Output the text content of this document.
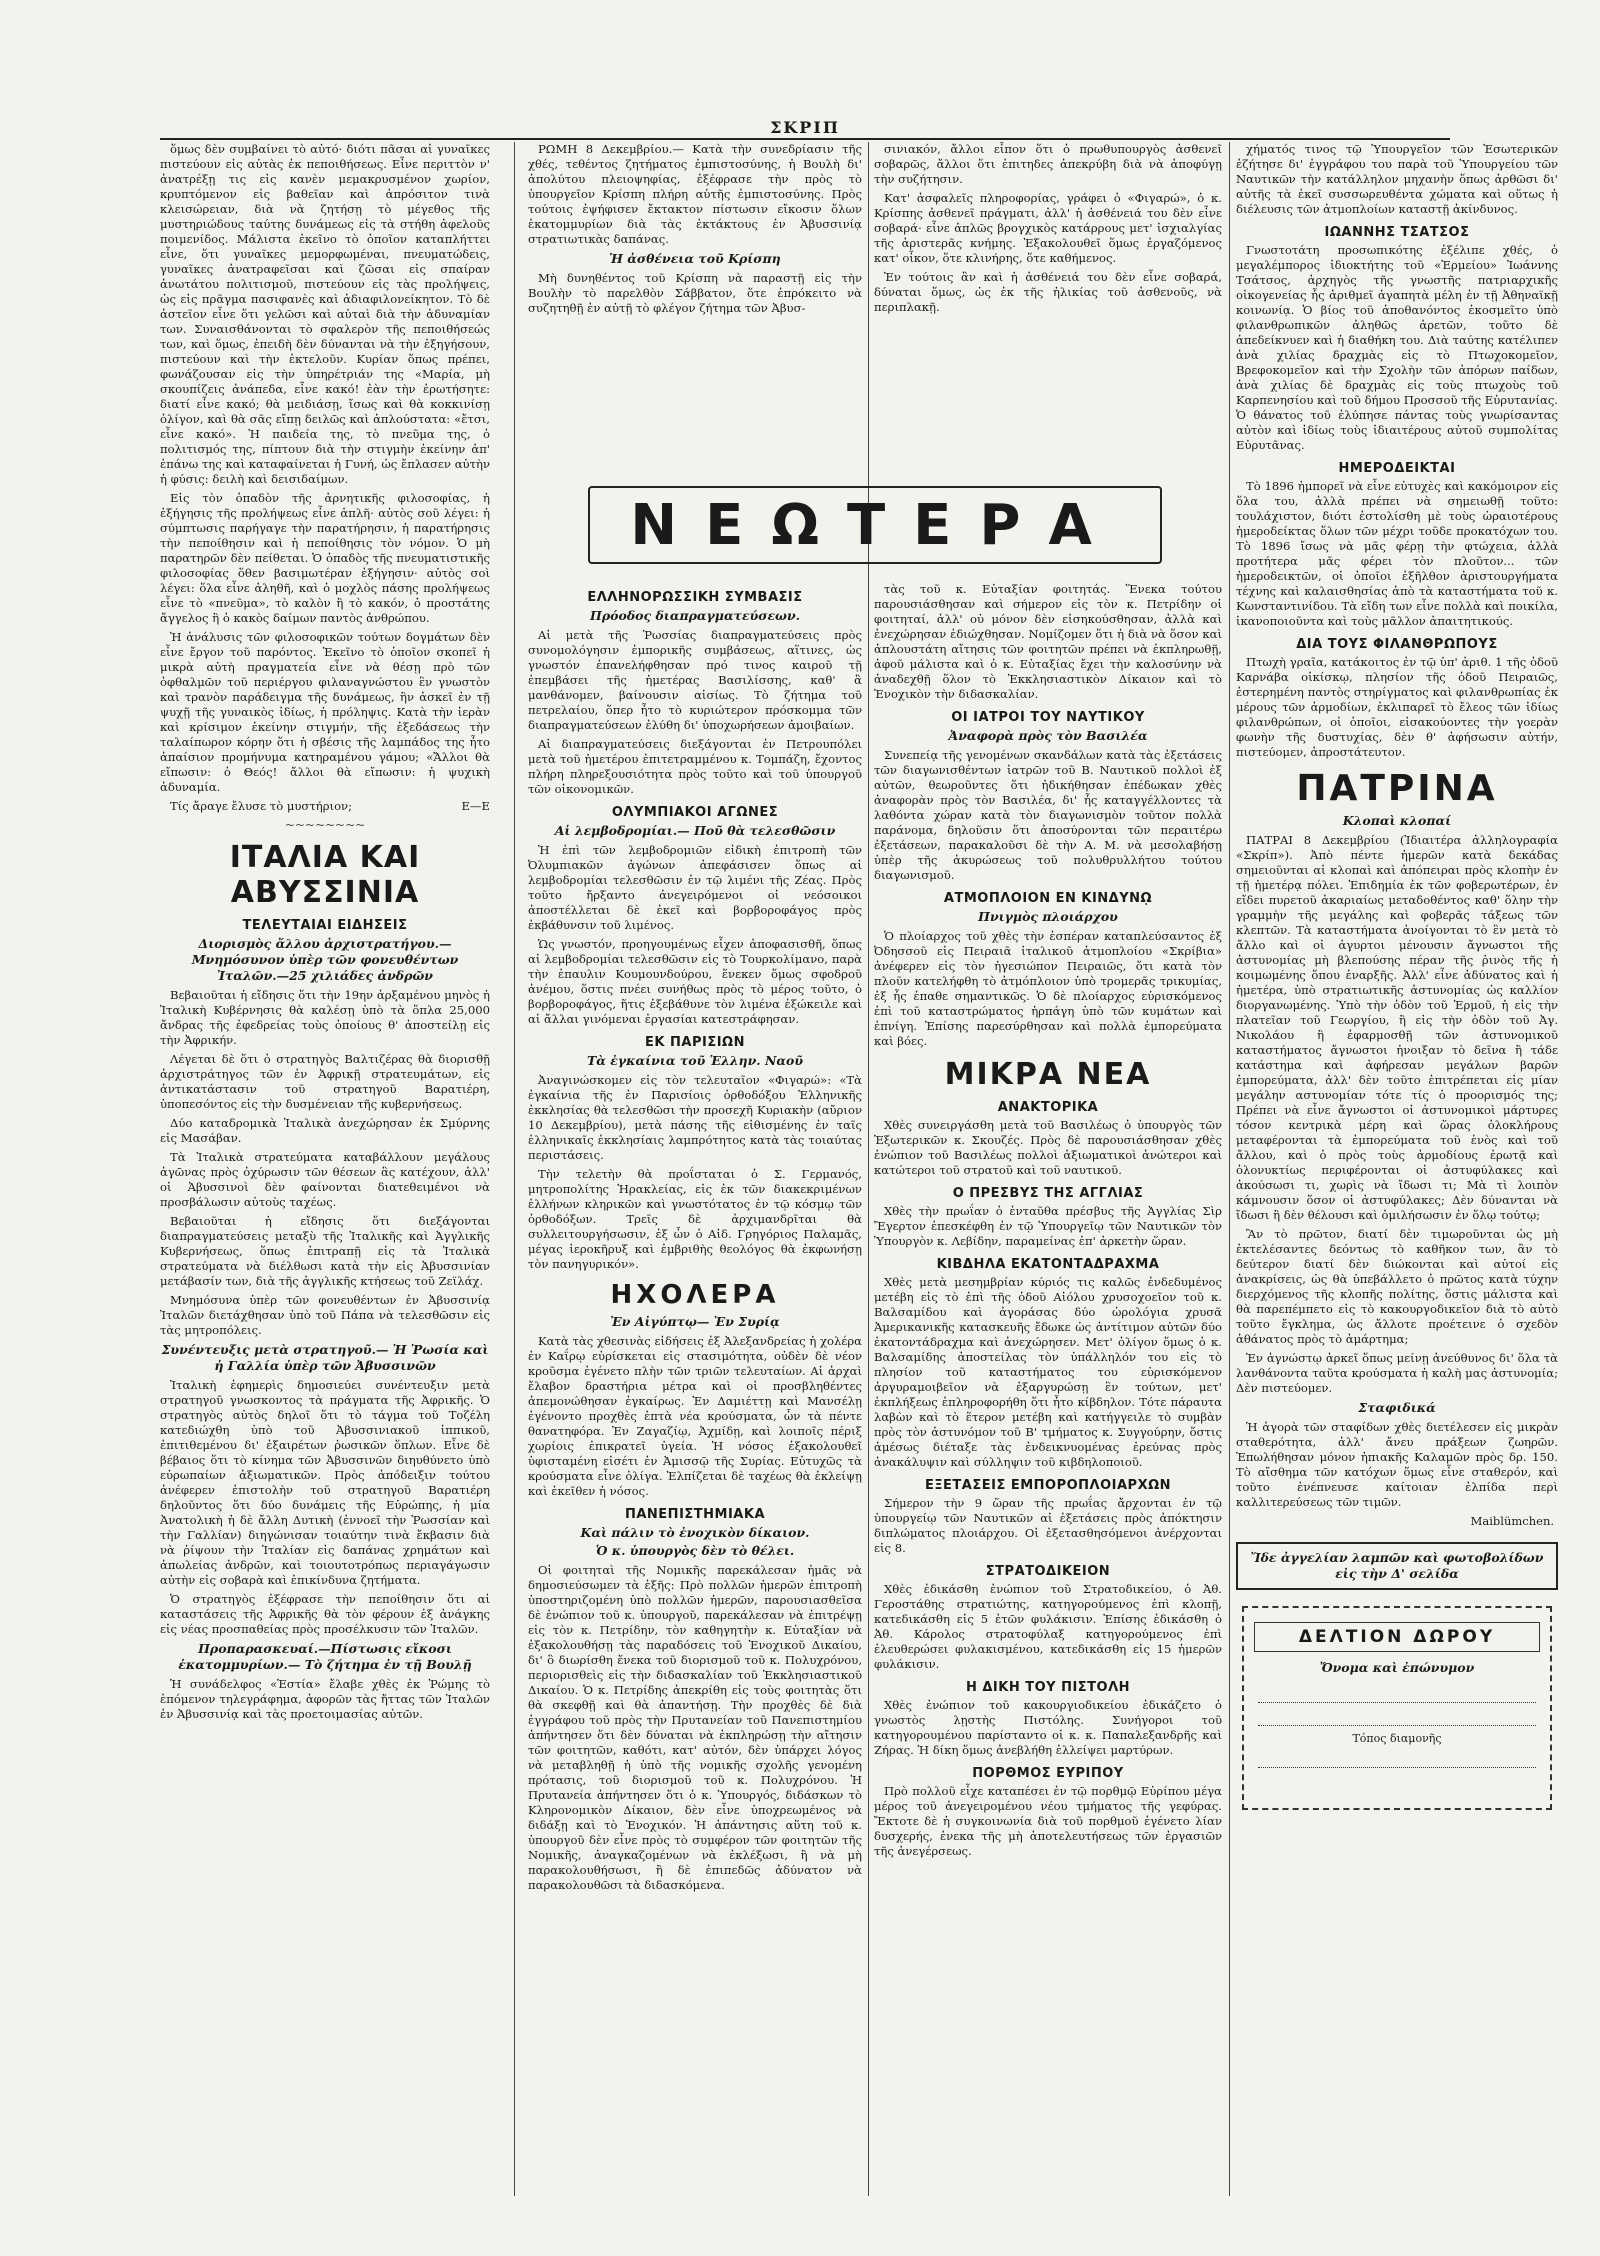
ΣΚΡΙΠ

ὅμως δὲν συμβαίνει τὸ αὐτό· διότι πᾶσαι αἱ γυναῖκες πιστεύουν εἰς αὐτὰς ἐκ πεποιθήσεως. Εἶνε περιττὸν ν' ἀνατρέξῃ τις εἰς κανὲν μεμακρυσμένον χωρίον, κρυπτόμενον εἰς βαθεῖαν καὶ ἀπρόσιτον τινὰ κλεισώρειαν, διὰ νὰ ζητήσῃ τὸ μέγεθος τῆς μυστηριώδους ταύτης δυνάμεως εἰς τὰ στήθη ἀφελοῦς ποιμενίδος. Μάλιστα ἐκεῖνο τὸ ὁποῖον καταπλήττει εἶνε, ὅτι γυναῖκες μεμορφωμέναι, πνευματώδεις, γυναῖκες ἀνατραφεῖσαι καὶ ζῶσαι εἰς σπαίραν ἀνωτάτου πολιτισμοῦ, πιστεύουν εἰς τὰς προλήψεις, ὡς εἰς πρᾶγμα πασιφανὲς καὶ ἀδιαφιλονείκητον. Τὸ δὲ ἀστεῖον εἶνε ὅτι γελῶσι καὶ αὐταὶ διὰ τὴν ἀδυναμίαν των. Συναισθάνονται τὸ σφαλερὸν τῆς πεποιθήσεώς των, καὶ ὅμως, ἐπειδὴ δὲν δύνανται νὰ τὴν ἐξηγήσουν, πιστεύουν καὶ τὴν ἐκτελοῦν. Κυρίαν ὅπως πρέπει, φωνάζουσαν εἰς τὴν ὑπηρέτριάν της «Μαρία, μὴ σκουπίζεις ἀνάπεδα, εἶνε κακό! ἐὰν τὴν ἐρωτήσητε: διατί εἶνε κακό; θὰ μειδιάσῃ, ἴσως καὶ θὰ κοκκινίσῃ ὀλίγον, καὶ θὰ σᾶς εἴπῃ δειλῶς καὶ ἁπλούστατα: «ἔτσι, εἶνε κακό». Ἡ παιδεία της, τὸ πνεῦμα της, ὁ πολιτισμός της, πίπτουν διὰ τὴν στιγμὴν ἐκείνην ἀπ' ἐπάνω της καὶ καταφαίνεται ἡ Γυνή, ὡς ἔπλασεν αὐτὴν ἡ φύσις: δειλὴ καὶ δεισιδαίμων.

Εἰς τὸν ὀπαδὸν τῆς ἀρνητικῆς φιλοσοφίας, ἡ ἐξήγησις τῆς προλήψεως εἶνε ἁπλῆ· αὐτὸς σοῦ λέγει: ἡ σύμπτωσις παρήγαγε τὴν παρατήρησιν, ἡ παρατήρησις τὴν πεποίθησιν καὶ ἡ πεποίθησις τὸν νόμον. Ὁ μὴ παρατηρῶν δὲν πείθεται. Ὁ ὀπαδὸς τῆς πνευματιστικῆς φιλοσοφίας ὅθεν βασιμωτέραν ἐξήγησιν· αὐτὸς σοὶ λέγει: ὅλα εἶνε ἀληθῆ, καὶ ὁ μοχλὸς πάσης προλήψεως εἶνε τὸ «πνεῦμα», τὸ καλὸν ἢ τὸ κακόν, ὁ προστάτης ἄγγελος ἢ ὁ κακὸς δαίμων παντὸς ἀνθρώπου.

Ἡ ἀνάλυσις τῶν φιλοσοφικῶν τούτων δογμάτων δὲν εἶνε ἔργον τοῦ παρόντος. Ἐκεῖνο τὸ ὁποῖον σκοπεῖ ἡ μικρὰ αὐτὴ πραγματεία εἶνε νὰ θέσῃ πρὸ τῶν ὀφθαλμῶν τοῦ περιέργου φιλαναγνώστου ἓν γνωστὸν καὶ τρανὸν παράδειγμα τῆς δυνάμεως, ἣν ἀσκεῖ ἐν τῇ ψυχῇ τῆς γυναικὸς ἰδίως, ἡ πρόληψις. Κατὰ τὴν ἱερὰν καὶ κρίσιμον ἐκείνην στιγμήν, τῆς ἐξεδάσεως τὴν ταλαίπωρον κόρην ὅτι ἡ σβέσις τῆς λαμπάδος της ἦτο ἀπαίσιον προμήνυμα κατηραμένου γάμου; «Ἄλλοι θὰ εἴπωσιν: ὁ Θεός! ἄλλοι θὰ εἴπωσιν: ἡ ψυχικὴ ἀδυναμία.

Τίς ἄραγε ἔλυσε τὸ μυστήριον;	Ε—Ε

~~~~~~~~
ΙΤΑΛΙΑ ΚΑΙ ΑΒΥΣΣΙΝΙΑ
ΤΕΛΕΥΤΑΙΑΙ ΕΙΔΗΣΕΙΣ
Διορισμὸς ἄλλου ἀρχιστρατήγου.— Μνημόσυνον ὑπὲρ τῶν φονευθέντων Ἰταλῶν.—25 χιλιάδες ἀνδρῶν

Βεβαιοῦται ἡ εἴδησις ὅτι τὴν 19ην ἀρξαμένου μηνὸς ἡ Ἰταλικὴ Κυβέρνησις θὰ καλέσῃ ὑπὸ τὰ ὅπλα 25,000 ἄνδρας τῆς ἐφεδρείας τοὺς ὁποίους θ' ἀποστείλῃ εἰς τὴν Ἀφρικήν.

Λέγεται δὲ ὅτι ὁ στρατηγὸς Βαλτιζέρας θὰ διορισθῇ ἀρχιστράτηγος τῶν ἐν Ἀφρικῇ στρατευμάτων, εἰς ἀντικατάστασιν τοῦ στρατηγοῦ Βαρατιέρη, ὑποπεσόντος εἰς τὴν δυσμένειαν τῆς κυβερνήσεως.

Δύο καταδρομικὰ Ἰταλικὰ ἀνεχώρησαν ἐκ Σμύρνης εἰς Μασάβαν.

Τὰ Ἰταλικὰ στρατεύματα καταβάλλουν μεγάλους ἀγῶνας πρὸς ὀχύρωσιν τῶν θέσεων ἃς κατέχουν, ἀλλ' οἱ Ἀβυσσινοὶ δὲν φαίνονται διατεθειμένοι νὰ προσβάλωσιν αὐτοὺς ταχέως.

Βεβαιοῦται ἡ εἴδησις ὅτι διεξάγονται διαπραγματεύσεις μεταξὺ τῆς Ἰταλικῆς καὶ Ἀγγλικῆς Κυβερνήσεως, ὅπως ἐπιτραπῇ εἰς τὰ Ἰταλικὰ στρατεύματα νὰ διέλθωσι κατὰ τὴν εἰς Ἀβυσσινίαν μετάβασίν των, διὰ τῆς ἀγγλικῆς κτήσεως τοῦ Ζεϊλάχ.

Μνημόσυνα ὑπὲρ τῶν φονευθέντων ἐν Ἀβυσσινίᾳ Ἰταλῶν διετάχθησαν ὑπὸ τοῦ Πάπα νὰ τελεσθῶσιν εἰς τὰς μητροπόλεις.

Συνέντευξις μετὰ στρατηγοῦ.— Ἡ Ῥωσία καὶ ἡ Γαλλία ὑπὲρ τῶν Ἀβυσσινῶν

Ἰταλικὴ ἐφημερὶς δημοσιεύει συνέντευξιν μετὰ στρατηγοῦ γνωσκοντος τὰ πράγματα τῆς Ἀφρικῆς. Ὁ στρατηγὸς αὐτὸς δηλοῖ ὅτι τὸ τάγμα τοῦ Τοζέλη κατεδιώχθη ὑπὸ τοῦ Ἀβυσσινιακοῦ ἱππικοῦ, ἐπιτιθεμένου δι' ἐξαιρέτων ῥωσικῶν ὅπλων. Εἶνε δὲ βέβαιος ὅτι τὸ κίνημα τῶν Ἀβυσσινῶν διηυθύνετο ὑπὸ εὐρωπαίων ἀξιωματικῶν. Πρὸς ἀπόδειξιν τούτου ἀνέφερεν ἐπιστολὴν τοῦ στρατηγοῦ Βαρατιέρη δηλοῦντος ὅτι δύο δυνάμεις τῆς Εὐρώπης, ἡ μία Ἀνατολικὴ ἡ δὲ ἄλλη Δυτικὴ (ἐννοεῖ τὴν Ῥωσσίαν καὶ τὴν Γαλλίαν) διηγώνισαν τοιαύτην τινὰ ἔκβασιν διὰ νὰ ῥίψουν τὴν Ἰταλίαν εἰς δαπάνας χρημάτων καὶ ἀπωλείας ἀνδρῶν, καὶ τοιουτοτρόπως περιαγάγωσιν αὐτὴν εἰς σοβαρὰ καὶ ἐπικίνδυνα ζητήματα.

Ὁ στρατηγὸς ἐξέφρασε τὴν πεποίθησιν ὅτι αἱ καταστάσεις τῆς Ἀφρικῆς θὰ τὸν φέρουν ἐξ ἀνάγκης εἰς νέας προσπαθείας πρὸς προσέλκυσιν τῶν Ἰταλῶν.

Προπαρασκευαί.—Πίστωσις εἴκοσι ἑκατομμυρίων.— Τὸ ζήτημα ἐν τῇ Βουλῇ

Ἡ συνάδελφος «Ἑστία» ἔλαβε χθὲς ἐκ Ῥώμης τὸ ἑπόμενον τηλεγράφημα, ἀφορῶν τὰς ἤττας τῶν Ἰταλῶν ἐν Ἀβυσσινίᾳ καὶ τὰς προετοιμασίας αὐτῶν.

ΡΩΜΗ 8 Δεκεμβρίου.— Κατὰ τὴν συνεδρίασιν τῆς χθές, τεθέντος ζητήματος ἐμπιστοσύνης, ἡ Βουλὴ δι' ἀπολύτου πλειοψηφίας, ἐξέφρασε τὴν πρὸς τὸ ὑπουργεῖον Κρίσπη πλήρη αὐτῆς ἐμπιστοσύνης. Πρὸς τούτοις ἐψήφισεν ἔκτακτον πίστωσιν εἴκοσιν ὅλων ἑκατομμυρίων διὰ τὰς ἐκτάκτους ἐν Ἀβυσσινίᾳ στρατιωτικὰς δαπάνας.

Ἡ ἀσθένεια τοῦ Κρίσπη

Μὴ δυνηθέντος τοῦ Κρίσπη νὰ παραστῇ εἰς τὴν Βουλὴν τὸ παρελθὸν Σάββατον, ὅτε ἐπρόκειτο νὰ συζητηθῇ ἐν αὐτῇ τὸ φλέγον ζήτημα τῶν Ἀβυσ-

σινιακόν, ἄλλοι εἶπον ὅτι ὁ πρωθυπουργὸς ἀσθενεῖ σοβαρῶς, ἄλλοι ὅτι ἐπιτηδες ἀπεκρύβη διὰ νὰ ἀποφύγῃ τὴν συζήτησιν.

Κατ' ἀσφαλεῖς πληροφορίας, γράφει ὁ «Φιγαρώ», ὁ κ. Κρίσπης ἀσθενεῖ πράγματι, ἀλλ' ἡ ἀσθένειά του δὲν εἶνε σοβαρά· εἶνε ἁπλῶς βρογχικὸς κατάρρους μετ' ἰσχιαλγίας τῆς ἀριστερᾶς κνήμης. Ἐξακολουθεῖ ὅμως ἐργαζόμενος κατ' οἶκον, ὅτε κλινήρης, ὅτε καθήμενος.

Ἐν τούτοις ἂν καὶ ἡ ἀσθένειά του δὲν εἶνε σοβαρά, δύναται ὅμως, ὡς ἐκ τῆς ἡλικίας τοῦ ἀσθενοῦς, νὰ περιπλακῇ.

ΝΕΩΤΕΡΑ
ΕΛΛΗΝΟΡΩΣΣΙΚΗ ΣΥΜΒΑΣΙΣ
Πρόοδος διαπραγματεύσεων.

Αἱ μετὰ τῆς Ῥωσσίας διαπραγματεύσεις πρὸς συνομολόγησιν ἐμπορικῆς συμβάσεως, αἵτινες, ὡς γνωστόν ἐπανελήφθησαν πρό τινος καιροῦ τῇ ἐπεμβάσει τῆς ἡμετέρας Βασιλίσσης, καθ' ἃ μανθάνομεν, βαίνουσιν αἰσίως. Τὸ ζήτημα τοῦ πετρελαίου, ὅπερ ἦτο τὸ κυριώτερον πρόσκομμα τῶν διαπραγματεύσεων ἐλύθη δι' ὑποχωρήσεων ἀμοιβαίων.

Αἱ διαπραγματεύσεις διεξάγονται ἐν Πετρουπόλει μετὰ τοῦ ἡμετέρου ἐπιτετραμμένου κ. Τομπάζη, ἔχοντος πλήρη πληρεξουσιότητα πρὸς τοῦτο καὶ τοῦ ὑπουργοῦ τῶν οἰκονομικῶν.

ΟΛΥΜΠΙΑΚΟΙ ΑΓΩΝΕΣ
Αἱ λεμβοδρομίαι.— Ποῦ θὰ τελεσθῶσιν

Ἡ ἐπὶ τῶν λεμβοδρομιῶν εἰδικὴ ἐπιτροπὴ τῶν Ὀλυμπιακῶν ἀγώνων ἀπεφάσισεν ὅπως αἱ λεμβοδρομίαι τελεσθῶσιν ἐν τῷ λιμένι τῆς Ζέας. Πρὸς τοῦτο ἤρξαντο ἀνεγειρόμενοι οἱ νεόσοικοι ἀποστέλλεται δὲ ἐκεῖ καὶ βορβοροφάγος πρὸς ἐκβάθυνσιν τοῦ λιμένος.

Ὡς γνωστόν, προηγουμένως εἶχεν ἀποφασισθῆ, ὅπως αἱ λεμβοδρομίαι τελεσθῶσιν εἰς τὸ Τουρκολίμανο, παρὰ τὴν ἐπαυλιν Κουμουνδούρου, ἕνεκεν ὅμως σφοδροῦ ἀνέμου, ὅστις πνέει συνήθως πρὸς τὸ μέρος τοῦτο, ὁ βορβοροφάγος, ἥτις ἐξεβάθυνε τὸν λιμένα ἐξώκειλε καὶ αἱ ἄλλαι γινόμεναι ἐργασίαι κατεστράφησαν.

ΕΚ ΠΑΡΙΣΙΩΝ
Τὰ ἐγκαίνια τοῦ Ἑλλην. Ναοῦ

Ἀναγινώσκομεν εἰς τὸν τελευταῖον «Φιγαρώ»: «Τὰ ἐγκαίνια τῆς ἐν Παρισίοις ὀρθοδόξου Ἑλληνικῆς ἐκκλησίας θὰ τελεσθῶσι τὴν προσεχῆ Κυριακὴν (αὔριον 10 Δεκεμβρίου), μετὰ πάσης τῆς εἰθισμένης ἐν ταῖς ἑλληνικαῖς ἐκκλησίαις λαμπρότητος κατὰ τὰς τοιαύτας περιστάσεις.

Τὴν τελετὴν θὰ προΐσταται ὁ Σ. Γερμανός, μητροπολίτης Ἡρακλείας, εἰς ἐκ τῶν διακεκριμένων ἑλλήνων κληρικῶν καὶ γνωστότατος ἐν τῷ κόσμῳ τῶν ὀρθοδόξων. Τρεῖς δὲ ἀρχιμανδρῖται θὰ συλλειτουργήσωσιν, ἐξ ὧν ὁ Αἰδ. Γρηγόριος Παλαμᾶς, μέγας ἱεροκῆρυξ καὶ ἐμβριθὴς θεολόγος θὰ ἐκφωνήσῃ τὸν πανηγυρικόν».

ΗΧΟΛΕΡΑ
Ἐν Αἰγύπτῳ— Ἐν Συρίᾳ

Κατὰ τὰς χθεσινὰς εἰδήσεις ἐξ Ἀλεξανδρείας ἡ χολέρα ἐν Καΐρῳ εὑρίσκεται εἰς στασιμότητα, οὐδὲν δὲ νέον κροῦσμα ἐγένετο πλὴν τῶν τριῶν τελευταίων. Αἱ ἀρχαὶ ἔλαβον δραστήρια μέτρα καὶ οἱ προσβληθέντες ἀπεμονώθησαν ἐγκαίρως. Ἐν Δαμιέττῃ καὶ Μανσέλῃ ἐγένοντο προχθὲς ἑπτὰ νέα κρούσματα, ὧν τὰ πέντε θανατηφόρα. Ἐν Ζαγαζίῳ, Ἀχμίδῃ, καὶ λοιποῖς πέριξ χωρίοις ἐπικρατεῖ ὑγεία. Ἡ νόσος ἐξακολουθεῖ ὑφισταμένη εἰσέτι ἐν Ἀμισσῷ τῆς Συρίας. Εὐτυχῶς τὰ κρούσματα εἶνε ὀλίγα. Ἐλπίζεται δὲ ταχέως θὰ ἐκλείψῃ καὶ ἐκεῖθεν ἡ νόσος.

ΠΑΝΕΠΙΣΤΗΜΙΑΚΑ
Καὶ πάλιν τὸ ἐνοχικὸν δίκαιον.
Ὁ κ. ὑπουργὸς δὲν τὸ θέλει.

Οἱ φοιτηταὶ τῆς Νομικῆς παρεκάλεσαν ἡμᾶς νὰ δημοσιεύσωμεν τὰ ἑξῆς: Πρὸ πολλῶν ἡμερῶν ἐπιτροπὴ ὑποστηριζομένη ὑπὸ πολλῶν ἡμερῶν, παρουσιασθεῖσα δὲ ἐνώπιον τοῦ κ. ὑπουργοῦ, παρεκάλεσαν νὰ ἐπιτρέψῃ εἰς τὸν κ. Πετρίδην, τὸν καθηγητὴν κ. Εὐταξίαν νὰ ἐξακολουθήσῃ τὰς παραδόσεις τοῦ Ἐνοχικοῦ Δικαίου, δι' ὃ διωρίσθη ἕνεκα τοῦ διορισμοῦ τοῦ κ. Πολυχρόνου, περιορισθεὶς εἰς τὴν διδασκαλίαν τοῦ Ἐκκλησιαστικοῦ Δικαίου. Ὁ κ. Πετρίδης ἀπεκρίθη εἰς τοὺς φοιτητὰς ὅτι θὰ σκεφθῇ καὶ θὰ ἀπαντήσῃ. Τὴν προχθὲς δὲ διὰ ἐγγράφου τοῦ πρὸς τὴν Πρυτανείαν τοῦ Πανεπιστημίου ἀπήντησεν ὅτι δὲν δύναται νὰ ἐκπληρώσῃ τὴν αἴτησιν τῶν φοιτητῶν, καθότι, κατ' αὐτόν, δὲν ὑπάρχει λόγος νὰ μεταβληθῇ ἡ ὑπὸ τῆς νομικῆς σχολῆς γενομένη πρότασις, τοῦ διορισμοῦ τοῦ κ. Πολυχρόνου. Ἡ Πρυτανεία ἀπήντησεν ὅτι ὁ κ. Ὑπουργός, διδάσκων τὸ Κληρονομικὸν Δίκαιον, δὲν εἶνε ὑποχρεωμένος νὰ διδάξῃ καὶ τὸ Ἐνοχικόν. Ἡ ἀπάντησις αὕτη τοῦ κ. ὑπουργοῦ δὲν εἶνε πρὸς τὸ συμφέρον τῶν φοιτητῶν τῆς Νομικῆς, ἀναγκαζομένων νὰ ἐκλέξωσι, ἢ νὰ μὴ παρακολουθήσωσι, ἢ δὲ ἐπιπεδῶς ἀδύνατον νὰ παρακολουθῶσι τὰ διδασκόμενα.

τὰς τοῦ κ. Εὐταξίαν φοιτητάς. Ἕνεκα τούτου παρουσιάσθησαν καὶ σήμερον εἰς τὸν κ. Πετρίδην οἱ φοιτηταί, ἀλλ' οὐ μόνον δὲν εἰσηκούσθησαν, ἀλλὰ καὶ ἐνεχώρησαν ἐδιώχθησαν. Νομίζομεν ὅτι ἡ διὰ νὰ ὅσον καὶ ἁπλουστάτη αἴτησις τῶν φοιτητῶν πρέπει νὰ ἐκπληρωθῇ, ἀφοῦ μάλιστα καὶ ὁ κ. Εὐταξίας ἔχει τὴν καλοσύνην νὰ ἀναδεχθῇ ὅλον τὸ Ἐκκλησιαστικὸν Δίκαιον καὶ τὸ Ἐνοχικὸν τὴν διδασκαλίαν.

ΟΙ ΙΑΤΡΟΙ ΤΟΥ ΝΑΥΤΙΚΟΥ
Ἀναφορὰ πρὸς τὸν Βασιλέα

Συνεπείᾳ τῆς γενομένων σκανδάλων κατὰ τὰς ἐξετάσεις τῶν διαγωνισθέντων ἰατρῶν τοῦ Β. Ναυτικοῦ πολλοὶ ἐξ αὐτῶν, θεωροῦντες ὅτι ἠδικήθησαν ἐπέδωκαν χθὲς ἀναφορὰν πρὸς τὸν Βασιλέα, δι' ἧς καταγγέλλοντες τὰ λαθόντα χώραν κατὰ τὸν διαγωνισμὸν τοῦτον πολλὰ παράνομα, δηλοῦσιν ὅτι ἀποσύρονται τῶν περαιτέρω ἐξετάσεων, παρακαλοῦσι δὲ τὴν Α. Μ. νὰ μεσολαβήσῃ ὑπὲρ τῆς ἀκυρώσεως τοῦ πολυθρυλλήτου τούτου διαγωνισμοῦ.

ΑΤΜΟΠΛΟΙΟΝ ΕΝ ΚΙΝΔΥΝῼ
Πνιγμὸς πλοιάρχου

Ὁ πλοίαρχος τοῦ χθὲς τὴν ἑσπέραν καταπλεύσαντος ἐξ Ὀδησσοῦ εἰς Πειραιᾶ ἰταλικοῦ ἀτμοπλοίου «Σκρίβια» ἀνέφερεν εἰς τὸν ἡγεσιώπον Πειραιῶς, ὅτι κατὰ τὸν πλοῦν κατελήφθη τὸ ἀτμόπλοιον ὑπὸ τρομερᾶς τρικυμίας, ἐξ ἧς ἐπαθε σημαντικῶς. Ὁ δὲ πλοίαρχος εὑρισκόμενος ἐπὶ τοῦ καταστρώματος ἡρπάγη ὑπὸ τῶν κυμάτων καὶ ἐπνίγη. Ἐπίσης παρεσύρθησαν καὶ πολλὰ ἐμπορεύματα καὶ βόες.

ΜΙΚΡΑ ΝΕΑ
ΑΝΑΚΤΟΡΙΚΑ

Χθὲς συνειργάσθη μετὰ τοῦ Βασιλέως ὁ ὑπουργὸς τῶν Ἐξωτερικῶν κ. Σκουζές. Πρὸς δὲ παρουσιάσθησαν χθὲς ἐνώπιον τοῦ Βασιλέως πολλοὶ ἀξιωματικοὶ ἀνώτεροι καὶ κατώτεροι τοῦ στρατοῦ καὶ τοῦ ναυτικοῦ.

Ο ΠΡΕΣΒΥΣ ΤΗΣ ΑΓΓΛΙΑΣ

Χθὲς τὴν πρωΐαν ὁ ἐνταῦθα πρέσβυς τῆς Ἀγγλίας Σὶρ Ἔγερτον ἐπεσκέφθη ἐν τῷ Ὑπουργεῖῳ τῶν Ναυτικῶν τὸν Ὑπουργὸν κ. Λεβίδην, παραμείνας ἐπ' ἀρκετὴν ὥραν.

ΚΙΒΔΗΛΑ ΕΚΑΤΟΝΤΑΔΡΑΧΜΑ

Χθὲς μετὰ μεσημβρίαν κύριός τις καλῶς ἐνδεδυμένος μετέβη εἰς τὸ ἐπὶ τῆς ὁδοῦ Αἰόλου χρυσοχοεῖον τοῦ κ. Βαλσαμίδου καὶ ἀγοράσας δύο ὡρολόγια χρυσᾶ Ἀμερικανικῆς κατασκευῆς ἔδωκε ὡς ἀντίτιμον αὐτῶν δύο ἑκατοντάδραχμα καὶ ἀνεχώρησεν. Μετ' ὀλίγον ὅμως ὁ κ. Βαλσαμίδης ἀποστείλας τὸν ὑπάλληλόν του εἰς τὸ πλησίον τοῦ καταστήματος του εὑρισκόμενον ἀργυραμοιβεῖον νὰ ἐξαργυρώσῃ ἓν τούτων, μετ' ἐκπλήξεως ἐπληροφορήθη ὅτι ἦτο κίβδηλον. Τότε πάραυτα λαβὼν καὶ τὸ ἕτερον μετέβη καὶ κατήγγειλε τὸ συμβὰν πρὸς τὸν ἀστυνόμον τοῦ Β' τμήματος κ. Συγγούρην, ὅστις ἀμέσως διέταξε τὰς ἐνδεικνυομένας ἐρεύνας πρὸς ἀνακάλυψιν καὶ σύλληψιν τοῦ κιβδηλοποιοῦ.

ΕΞΕΤΑΣΕΙΣ ΕΜΠΟΡΟΠΛΟΙΑΡΧΩΝ

Σήμερον τὴν 9 ὥραν τῆς πρωΐας ἄρχονται ἐν τῷ ὑπουργείῳ τῶν Ναυτικῶν αἱ ἐξετάσεις πρὸς ἀπόκτησιν διπλώματος πλοιάρχου. Οἱ ἐξετασθησόμενοι ἀνέρχονται εἰς 8.

ΣΤΡΑΤΟΔΙΚΕΙΟΝ

Χθὲς ἐδικάσθη ἐνώπιον τοῦ Στρατοδικείου, ὁ Ἀθ. Γεροστάθης στρατιώτης, κατηγορούμενος ἐπὶ κλοπῇ, κατεδικάσθη εἰς 5 ἐτῶν φυλάκισιν. Ἐπίσης ἐδικάσθη ὁ Ἀθ. Κάρολος στρατοφύλαξ κατηγορούμενος ἐπὶ ἐλευθερώσει φυλακισμένου, κατεδικάσθη εἰς 15 ἡμερῶν φυλάκισιν.

Η ΔΙΚΗ ΤΟΥ ΠΙΣΤΟΛΗ

Χθὲς ἐνώπιον τοῦ κακουργιοδικείου ἐδικάζετο ὁ γνωστὸς λῃστὴς Πιστόλης. Συνήγοροι τοῦ κατηγορουμένου παρίσταντο οἱ κ. κ. Παπαλεξανδρῆς καὶ Ζήρας. Ἡ δίκη ὅμως ἀνεβλήθη ἐλλείψει μαρτύρων.

ΠΟΡΘΜΟΣ ΕΥΡΙΠΟΥ

Πρὸ πολλοῦ εἶχε καταπέσει ἐν τῷ πορθμῷ Εὐρίπου μέγα μέρος τοῦ ἀνεγειρομένου νέου τμήματος τῆς γεφύρας. Ἔκτοτε δὲ ἡ συγκοινωνία διὰ τοῦ πορθμοῦ ἐγένετο λίαν δυσχερής, ἐνεκα τῆς μὴ ἀποτελευτήσεως τῶν ἐργασιῶν τῆς ἀνεγέρσεως.

χήματός τινος τῷ Ὑπουργεῖον τῶν Ἐσωτερικῶν ἐζήτησε δι' ἐγγράφου του παρὰ τοῦ Ὑπουργείου τῶν Ναυτικῶν τὴν κατάλληλον μηχανὴν ὅπως ἀρθῶσι δι' αὐτῆς τὰ ἐκεῖ συσσωρευθέντα χώματα καὶ οὕτως ἡ διέλευσις τῶν ἀτμοπλοίων καταστῇ ἀκίνδυνος.

ΙΩΑΝΝΗΣ ΤΣΑΤΣΟΣ

Γνωστοτάτη προσωπικότης ἐξέλιπε χθές, ὁ μεγαλέμπορος ἰδιοκτήτης τοῦ «Ἑρμείου» Ἰωάννης Τσάτσος, ἀρχηγὸς τῆς γνωστῆς πατριαρχικῆς οἰκογενείας ἧς ἀριθμεῖ ἀγαπητὰ μέλη ἐν τῇ Ἀθηναϊκῇ κοινωνίᾳ. Ὁ βίος τοῦ ἀποθανόντος ἐκοσμεῖτο ὑπὸ φιλανθρωπικῶν ἀληθῶς ἀρετῶν, τοῦτο δὲ ἀπεδείκνυεν καὶ ἡ διαθήκη του. Διὰ ταύτης κατέλιπεν ἀνὰ χιλίας δραχμὰς εἰς τὸ Πτωχοκομεῖον, Βρεφοκομεῖον καὶ τὴν Σχολὴν τῶν ἀπόρων παίδων, ἀνὰ χιλίας δὲ δραχμὰς εἰς τοὺς πτωχοὺς τοῦ Καρπενησίου καὶ τοῦ δήμου Προσσοῦ τῆς Εὐρυτανίας. Ὁ θάνατος τοῦ ἐλύπησε πάντας τοὺς γνωρίσαντας αὐτὸν καὶ ἰδίως τοὺς ἰδιαιτέρους αὐτοῦ συμπολίτας Εὐρυτᾶνας.

ΗΜΕΡΟΔΕΙΚΤΑΙ

Τὸ 1896 ἡμπορεῖ νὰ εἶνε εὐτυχὲς καὶ κακόμοιρον εἰς ὅλα του, ἀλλὰ πρέπει νὰ σημειωθῇ τοῦτο: τουλάχιστον, διότι ἐστολίσθη μὲ τοὺς ὡραιοτέρους ἡμεροδείκτας ὅλων τῶν μέχρι τοῦδε προκατόχων του. Τὸ 1896 ἴσως νὰ μᾶς φέρῃ τὴν φτώχεια, ἀλλὰ προτήτερα μᾶς φέρει τὸν πλοῦτον... τῶν ἡμεροδεικτῶν, οἱ ὁποῖοι ἐξῆλθον ἀριστουργήματα τέχνης καὶ καλαισθησίας ἀπὸ τὰ καταστήματα τοῦ κ. Κωνσταντινίδου. Τὰ εἴδη των εἶνε πολλὰ καὶ ποικίλα, ἱκανοποιοῦντα καὶ τοὺς μᾶλλον ἀπαιτητικούς.

ΔΙΑ ΤΟΥΣ ΦΙΛΑΝΘΡΩΠΟΥΣ

Πτωχὴ γραῖα, κατάκοιτος ἐν τῷ ὑπ' ἀριθ. 1 τῆς ὁδοῦ Καρνάβα οἰκίσκῳ, πλησίον τῆς ὁδοῦ Πειραιῶς, ἐστερημένη παντὸς στηρίγματος καὶ φιλανθρωπίας ἐκ μέρους τῶν ἀρμοδίων, ἐκλιπαρεῖ τὸ ἔλεος τῶν ἰδίως φιλανθρώπων, οἱ ὁποῖοι, εἰσακούοντες τὴν γοερὰν φωνὴν τῆς δυστυχίας, δὲν θ' ἀφήσωσιν αὐτήν, πιστεύομεν, ἀπροστάτευτον.

ΠΑΤΡΙΝΑ
Κλοπαὶ κλοπαί

ΠΑΤΡΑΙ 8 Δεκεμβρίου (Ἰδιαιτέρα ἀλληλογραφία «Σκρίπ»). Ἀπὸ πέντε ἡμερῶν κατὰ δεκάδας σημειοῦνται αἱ κλοπαὶ καὶ ἀπόπειραι πρὸς κλοπὴν ἐν τῇ ἡμετέρᾳ πόλει. Ἐπιδημία ἐκ τῶν φοβερωτέρων, ἐν εἴδει πυρετοῦ ἀκαριαίως μεταδοθέντος καθ' ὅλην τὴν γραμμὴν τῆς μεγάλης καὶ φοβερᾶς τάξεως τῶν κλεπτῶν. Τὰ καταστήματα ἀνοίγονται τὸ ἓν μετὰ τὸ ἄλλο καὶ οἱ ἀγυρτοι μένουσιν ἄγνωστοι τῆς ἀστυνομίας μὴ βλεπούσης πέραν τῆς ῥινὸς τῆς ἡ κοιμωμένης ὅπου ἐναρξῆς. Ἀλλ' εἶνε ἀδύνατος καὶ ἡ ἡμετέρα, ὑπὸ στρατιωτικῆς ἀστυνομίας ὡς καλλίον διοργανωμένης. Ὑπὸ τὴν ὁδὸν τοῦ Ἑρμοῦ, ἡ εἰς τὴν πλατεῖαν τοῦ Γεωργίου, ἢ εἰς τὴν ὁδὸν τοῦ Ἀγ. Νικολάου ἢ ἐφαρμοσθῇ τῶν ἀστυνομικοῦ καταστήματος ἄγνωστοι ἠνοιξαν τὸ δεῖνα ἢ τάδε κατάστημα καὶ ἀφήρεσαν μεγάλων βαρῶν ἐμπορεύματα, ἀλλ' δὲν τοῦτο ἐπιτρέπεται εἰς μίαν μεγάλην αστυνομίαν τότε τίς ὁ προορισμός της; Πρέπει νὰ εἶνε ἄγνωστοι οἱ ἀστυνομικοὶ μάρτυρες τόσον κεντρικὰ μέρη καὶ ὥρας ὁλοκλήρους μεταφέρονται τὰ ἐμπορεύματα τοῦ ἑνὸς καὶ τοῦ ἄλλου, καὶ ὁ πρὸς τοὺς ἀρμοδίους ἐρωτᾷ καὶ ὁλονυκτίως περιφέρονται οἱ ἀστυφύλακες καὶ ἀκούσωσι τι, χωρὶς νὰ ἴδωσι τι; Μὰ τὶ λοιπὸν κάμνουσιν ὅσον οἱ ἀστυφύλακες; Δὲν δύνανται νὰ ἴδωσι ἢ δὲν θέλουσι καὶ ὁμιλήσωσιν ἐν ὅλῳ τούτῳ;

Ἂν τὸ πρῶτον, διατί δὲν τιμωροῦνται ὡς μὴ ἐκτελέσαντες δεόντως τὸ καθῆκον των, ἂν τὸ δεύτερον διατί δὲν διώκονται καὶ αὐτοί εἰς ἀνακρίσεις, ὡς θὰ ὑπεβάλλετο ὁ πρῶτος κατὰ τύχην διερχόμενος τῆς κλοπῆς πολίτης, ὅστις μάλιστα καὶ θὰ παρεπέμπετο εἰς τὸ κακουργοδικεῖον διὰ τὸ αὐτὸ τοῦτο ἔγκλημα, ὡς ἄλλοτε προέτεινε ὁ σχεδὸν ἀθάνατος πρὸς τὸ ἀμάρτημα;

Ἐν ἀγνώστῳ ἀρκεῖ ὅπως μείνῃ ἀνεύθυνος δι' ὅλα τὰ λανθάνοντα ταῦτα κρούσματα ἡ καλὴ μας ἀστυνομία; Δὲν πιστεύομεν.

Σταφιδικά

Ἡ ἀγορὰ τῶν σταφίδων χθὲς διετέλεσεν εἰς μικρὰν σταθερότητα, ἀλλ' ἄνευ πράξεων ζωηρῶν. Ἐπωλήθησαν μόνον ἠπιακῆς Καλαμῶν πρὸς δρ. 150. Τὸ αἴσθημα τῶν κατόχων ὅμως εἶνε σταθερόν, καὶ τοῦτο ἐνέπνευσε καίτοιαν ἐλπίδα περὶ καλλιτερεύσεως τῶν τιμῶν.

Maiblümchen.
Ἴδε ἀγγελίαν λαμπῶν καὶ φωτοβολίδων εἰς τὴν Δ' σελίδα
ΔΕΛΤΙΟΝ ΔΩΡΟΥ
Ὄνομα καὶ ἐπώνυμον
Τόπος διαμονῆς
